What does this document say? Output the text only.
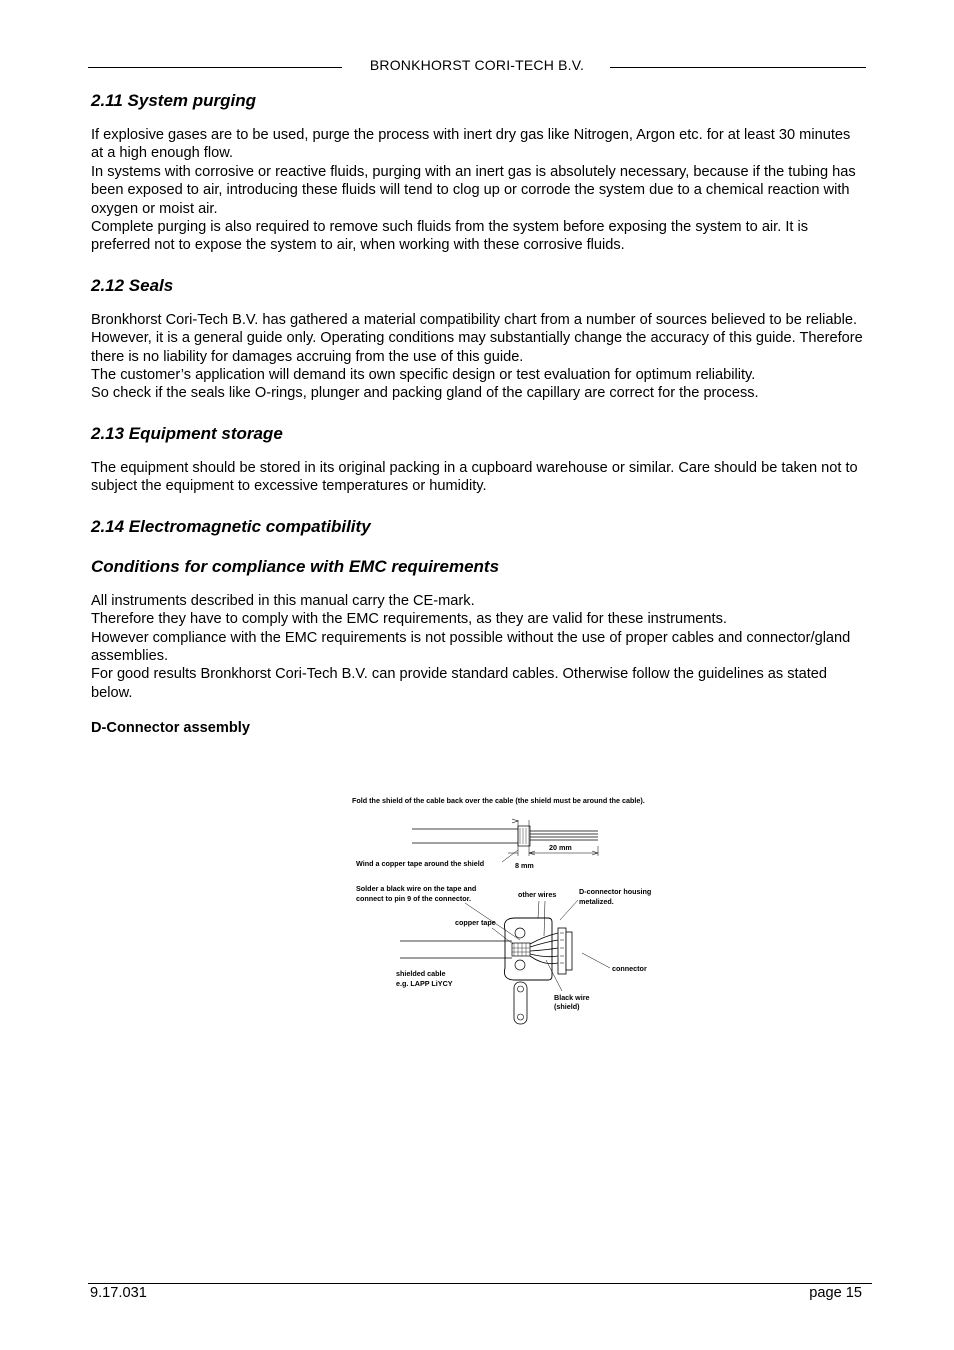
BRONKHORST CORI-TECH B.V.
2.11 System purging

If explosive gases are to be used, purge the process with inert dry gas like Nitrogen, Argon etc. for at least 30 minutes at a high enough flow.

In systems with corrosive or reactive fluids, purging with an inert gas is absolutely necessary, because if the tubing has been exposed to air, introducing these fluids will tend to clog up or corrode the system due to a chemical reaction with oxygen or moist air.

Complete purging is also required to remove such fluids from the system before exposing the system to air. It is preferred not to expose the system to air, when working with these corrosive fluids.

2.12 Seals

Bronkhorst Cori-Tech B.V. has gathered a material compatibility chart from a number of sources believed to be reliable.

However, it is a general guide only. Operating conditions may substantially change the accuracy of this guide. Therefore there is no liability for damages accruing from the use of this guide.

The customer’s application will demand its own specific design or test evaluation for optimum reliability.

So check if the seals like O-rings, plunger and packing gland of the capillary are correct for the process.

2.13 Equipment storage

The equipment should be stored in its original packing in a cupboard warehouse or similar. Care should be taken not to subject the equipment to excessive temperatures or humidity.

2.14 Electromagnetic compatibility
Conditions for compliance with EMC requirements

All instruments described in this manual carry the CE-mark.

Therefore they have to comply with the EMC requirements, as they are valid for these instruments.

However compliance with the EMC requirements is not possible without the use of proper cables and connector/gland assemblies.

For good results Bronkhorst Cori-Tech B.V. can provide standard cables. Otherwise follow the guidelines as stated below.

D-Connector assembly
Fold the shield of the cable back over the cable (the shield must be around the cable).
20 mm
8 mm
Wind a copper tape around the shield
Solder a black wire on the tape and
connect to pin 9 of the connector.	other wires	D-connector housing
metalized.
copper tape
connector
shielded cable
e.g. LAPP LiYCY
Black wire
(shield)
9.17.031	page 15
